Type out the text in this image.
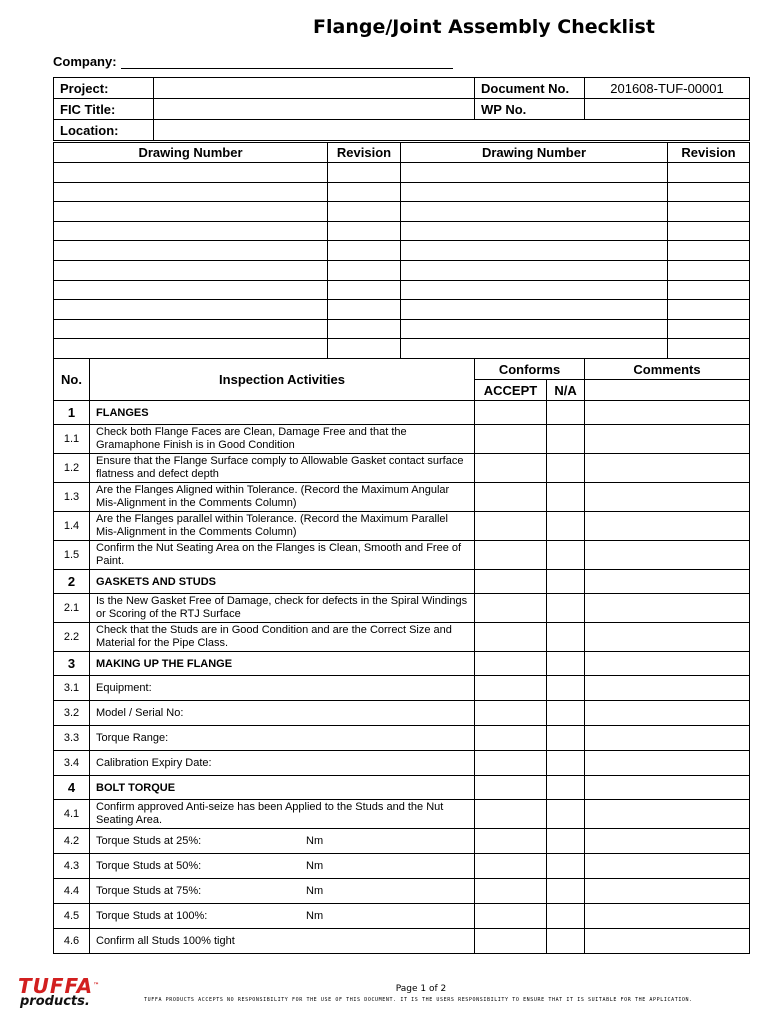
Flange/Joint Assembly Checklist
Company:
Project:		Document No.	201608-TUF-00001
FIC Title:		WP No.	
Location:			
Drawing Number	Revision	Drawing Number	Revision

No.	Inspection Activities	Conforms		Comments
		ACCEPT	N/A	
1	FLANGES			
1.1	Check both Flange Faces are Clean, Damage Free and that the Gramaphone Finish is in Good Condition			
1.2	Ensure that the Flange Surface comply to Allowable Gasket contact surface flatness and defect depth			
1.3	Are the Flanges Aligned within Tolerance. (Record the Maximum Angular Mis-Alignment in the Comments Column)			
1.4	Are the Flanges parallel within Tolerance. (Record the Maximum Parallel Mis-Alignment in the Comments Column)			
1.5	Confirm the Nut Seating Area on the Flanges is Clean, Smooth and Free of Paint.			
2	GASKETS AND STUDS			
2.1	Is the New Gasket Free of Damage, check for defects in the Spiral Windings or Scoring of the RTJ Surface			
2.2	Check that the Studs are in Good Condition and are the Correct Size and Material for the Pipe Class.			
3	MAKING UP THE FLANGE			
3.1	Equipment:			
3.2	Model / Serial No:			
3.3	Torque Range:			
3.4	Calibration Expiry Date:			
4	BOLT TORQUE			
4.1	Confirm approved Anti-seize has been Applied to the Studs and the Nut Seating Area.			
4.2	Torque Studs at 25%: Nm			

4.3	Torque Studs at 50%: Nm			

4.4	Torque Studs at 75%: Nm			

4.5	Torque Studs at 100%: Nm			

4.6	Confirm all Studs 100% tight			
TUFFA™
products.
Page 1 of 2
TUFFA PRODUCTS ACCEPTS NO RESPONSIBILITY FOR THE USE OF THIS DOCUMENT. IT IS THE USERS RESPONSIBILITY TO ENSURE THAT IT IS SUITABLE FOR THE APPLICATION.
